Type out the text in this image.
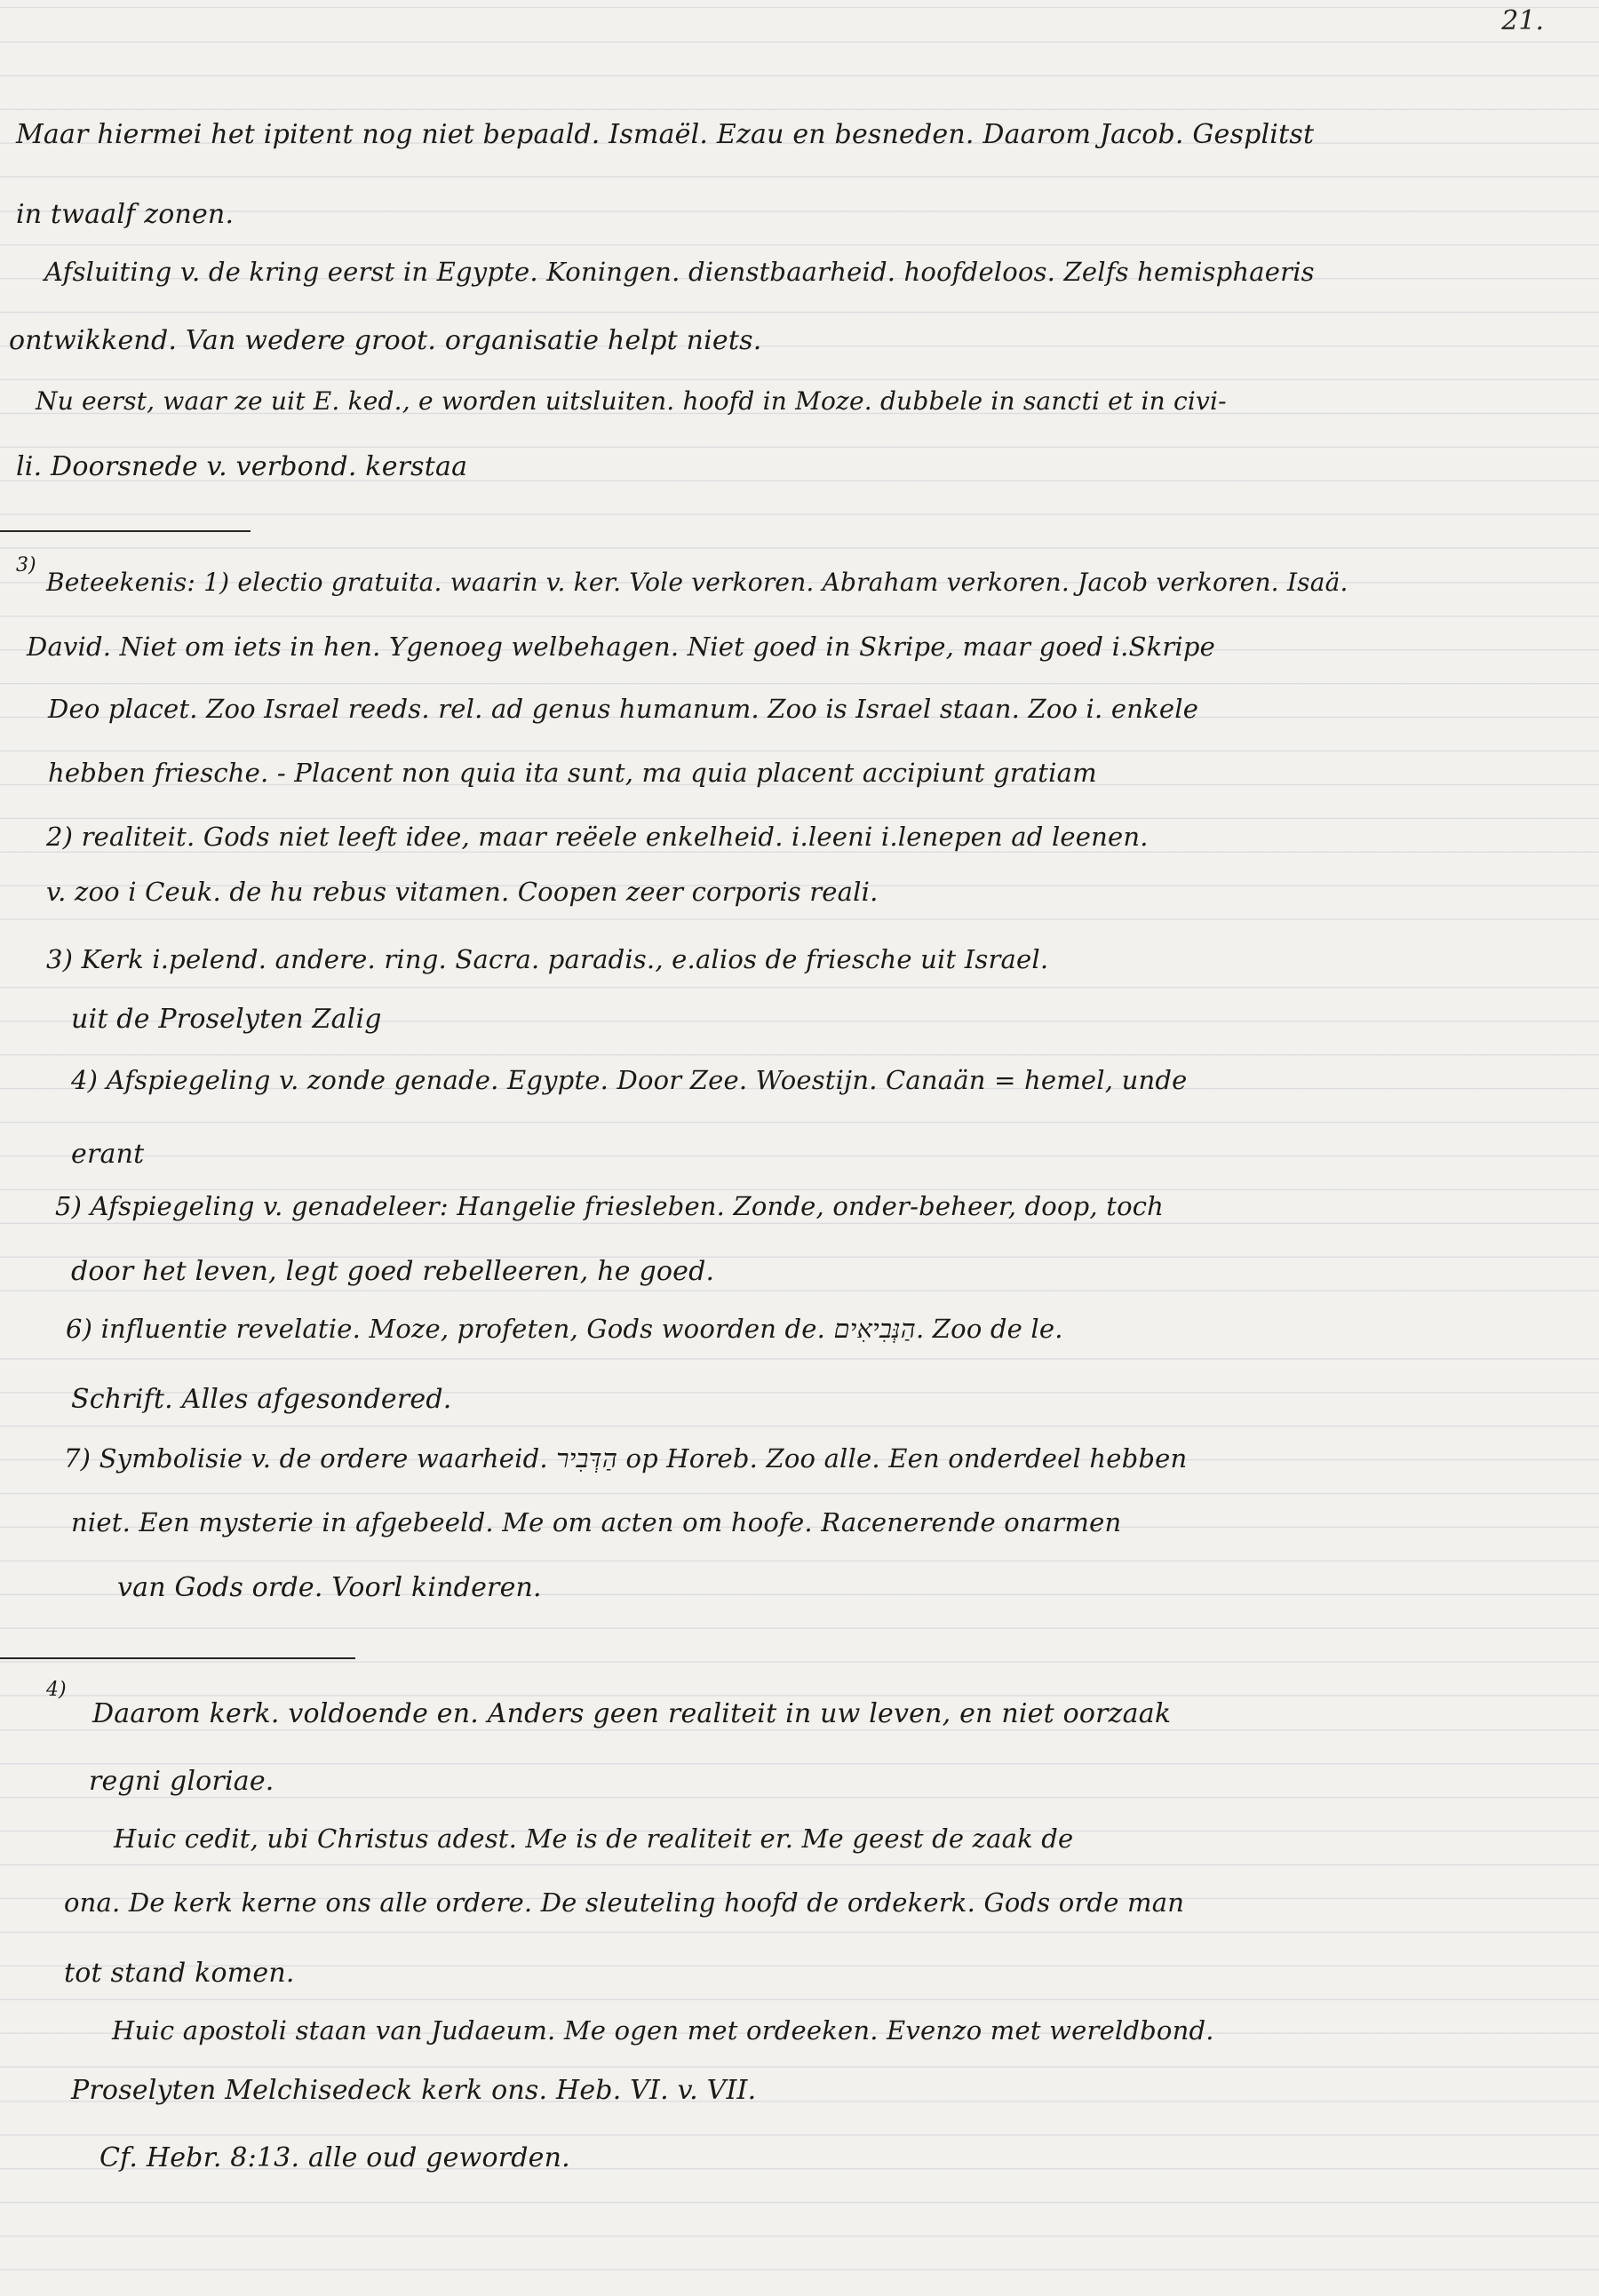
21.
Maar hiermei het ipitent nog niet bepaald. Ismaël. Ezau en besneden. Daarom Jacob. Gesplitst
in twaalf zonen.
Afsluiting v. de kring eerst in Egypte. Koningen. dienstbaarheid. hoofdeloos. Zelfs hemisphaeris
ontwikkend. Van wedere groot. organisatie helpt niets.
Nu eerst, waar ze uit E. ked., e worden uitsluiten. hoofd in Moze. dubbele in sancti et in civi-
li. Doorsnede v. verbond. kerstaa
3)
Beteekenis: 1) electio gratuita. waarin v. ker. Vole verkoren. Abraham verkoren. Jacob verkoren. Isaä.
David. Niet om iets in hen. Ygenoeg welbehagen. Niet goed in Skripe, maar goed i.Skripe
Deo placet. Zoo Israel reeds. rel. ad genus humanum. Zoo is Israel staan. Zoo i. enkele
hebben friesche. - Placent non quia ita sunt, ma quia placent accipiunt gratiam
2) realiteit. Gods niet leeft idee, maar reëele enkelheid. i.leeni i.lenepen ad leenen.
v. zoo i Ceuk. de hu rebus vitamen. Coopen zeer corporis reali.
3) Kerk i.pelend. andere. ring. Sacra. paradis., e.alios de friesche uit Israel.
uit de Proselyten Zalig
4) Afspiegeling v. zonde genade. Egypte. Door Zee. Woestijn. Canaän = hemel, unde
erant
5) Afspiegeling v. genadeleer: Hangelie friesleben. Zonde, onder-beheer, doop, toch
door het leven, legt goed rebelleeren, he goed.
6) influentie revelatie. Moze, profeten, Gods woorden de. הַנְּבִיאִים. Zoo de le.
Schrift. Alles afgesondered.
7) Symbolisie v. de ordere waarheid. הַדְּבִיר op Horeb. Zoo alle. Een onderdeel hebben
niet. Een mysterie in afgebeeld. Me om acten om hoofe. Racenerende onarmen
van Gods orde. Voorl kinderen.
4)
Daarom kerk. voldoende en. Anders geen realiteit in uw leven, en niet oorzaak
regni gloriae.
Huic cedit, ubi Christus adest. Me is de realiteit er. Me geest de zaak de
ona. De kerk kerne ons alle ordere. De sleuteling hoofd de ordekerk. Gods orde man
tot stand komen.
Huic apostoli staan van Judaeum. Me ogen met ordeeken. Evenzo met wereldbond.
Proselyten Melchisedeck kerk ons. Heb. VI. v. VII.
Cf. Hebr. 8:13. alle oud geworden.
